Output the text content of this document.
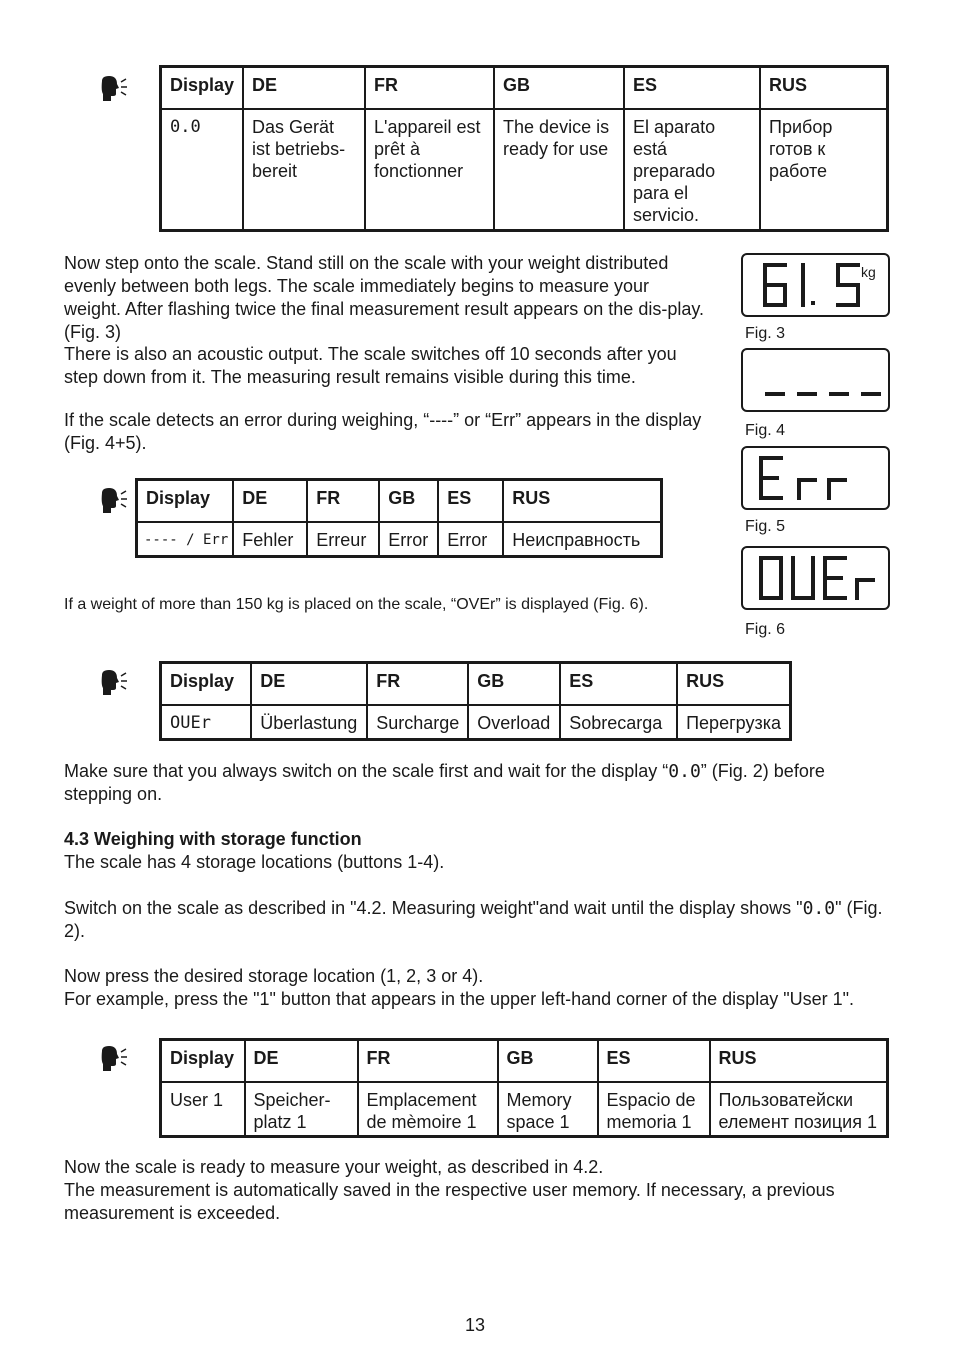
Display	DE	FR	GB	ES	RUS
0.0	Das Gerät ist betriebs-bereit	L'appareil est prêt à fonctionner	The device is ready for use	El aparato está preparado para el servicio.	Прибор готов к работе
Now step onto the scale. Stand still on the scale with your weight distributed evenly between both legs. The scale immediately begins to measure your weight. After flashing twice the final measurement result appears on the dis-play. (Fig. 3)
There is also an acoustic output. The scale switches off 10 seconds after you step down from it. The measuring result remains visible during this time.
If the scale detects an error during weighing, “----” or “Err” appears in the display (Fig. 4+5).
kg
Fig. 3
Fig. 4
Fig. 5
Fig. 6
Display	DE	FR	GB	ES	RUS
---- / Err	Fehler	Erreur	Error	Error	Неисправность
If a weight of more than 150 kg is placed on the scale, “OVEr” is displayed (Fig. 6).
Display	DE	FR	GB	ES	RUS
OUEr	Überlastung	Surcharge	Overload	Sobrecarga	Перегрузка
Make sure that you always switch on the scale first and wait for the display “0.0” (Fig. 2) before stepping on.
4.3 Weighing with storage function
The scale has 4 storage locations (buttons 1-4).
Switch on the scale as described in "4.2. Measuring weight"and wait until the display shows "0.0" (Fig. 2).
Now press the desired storage location (1, 2, 3 or 4).
For example, press the "1" button that appears in the upper left-hand corner of the display "User 1".
Display	DE	FR	GB	ES	RUS
User 1	Speicher-platz 1	Emplacement de mèmoire 1	Memory space 1	Espacio de memoria 1	Пользоватейски елемент позиция 1
Now the scale is ready to measure your weight, as described in 4.2.
The measurement is automatically saved in the respective user memory. If necessary, a previous measurement is exceeded.
13
